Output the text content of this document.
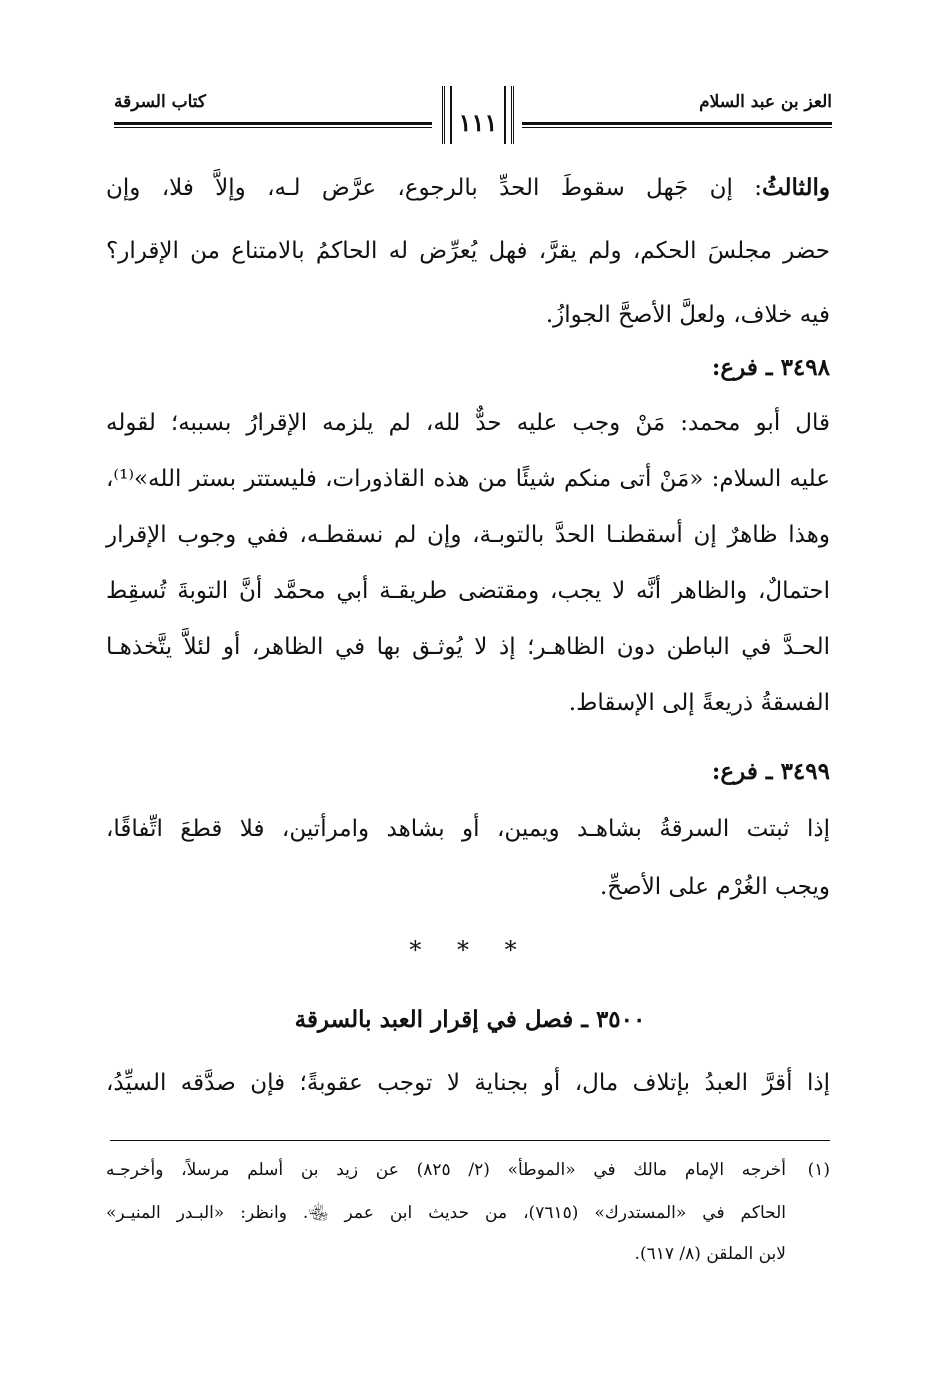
العز بن عبد السلام
١١١
كتاب السرقة
والثالثُ: إن جَهل سقوطَ الحدِّ بالرجوع، عرَّض لـه، وإلاَّ فلا، وإن
حضر مجلسَ الحكم، ولم يقرَّ، فهل يُعرِّض له الحاكمُ بالامتناع من الإقرار؟
فيه خلاف، ولعلَّ الأصحَّ الجوازُ.
٣٤٩٨ ـ فرع:
قال أبو محمد: مَنْ وجب عليه حدٌّ لله، لم يلزمه الإقرارُ بسببه؛ لقوله
عليه السلام: «مَنْ أتى منكم شيئًا من هذه القاذورات، فليستتر بستر الله»⁽¹⁾،
وهذا ظاهرٌ إن أسقطنـا الحدَّ بالتوبـة، وإن لم نسقطـه، ففي وجوب الإقرار
احتمالٌ، والظاهر أنَّه لا يجب، ومقتضى طريقـة أبي محمَّد أنَّ التوبةَ تُسقِط
الحـدَّ في الباطن دون الظاهـر؛ إذ لا يُوثـق بها في الظاهر، أو لئلاَّ يتَّخذهـا
الفسقةُ ذريعةً إلى الإسقاط.
٣٤٩٩ ـ فرع:
إذا ثبتت السرقةُ بشاهـد ويمين، أو بشاهد وامرأتين، فلا قطعَ اتِّفاقًا،
ويجب الغُرْم على الأصحِّ.
* * *
٣٥٠٠ ـ فصل في إقرار العبد بالسرقة
إذا أقرَّ العبدُ بإتلاف مال، أو بجناية لا توجب عقوبةً؛ فإن صدَّقه السيِّدُ،
(١)
أخرجه الإمام مالك في «الموطأ» (٢/ ٨٢٥) عن زيد بن أسلم مرسلاً، وأخرجـه
الحاكم في «المستدرك» (٧٦١٥)، من حديث ابن عمر ﵄. وانظر: «البـدر المنيـر»
لابن الملقن (٨/ ٦١٧).
